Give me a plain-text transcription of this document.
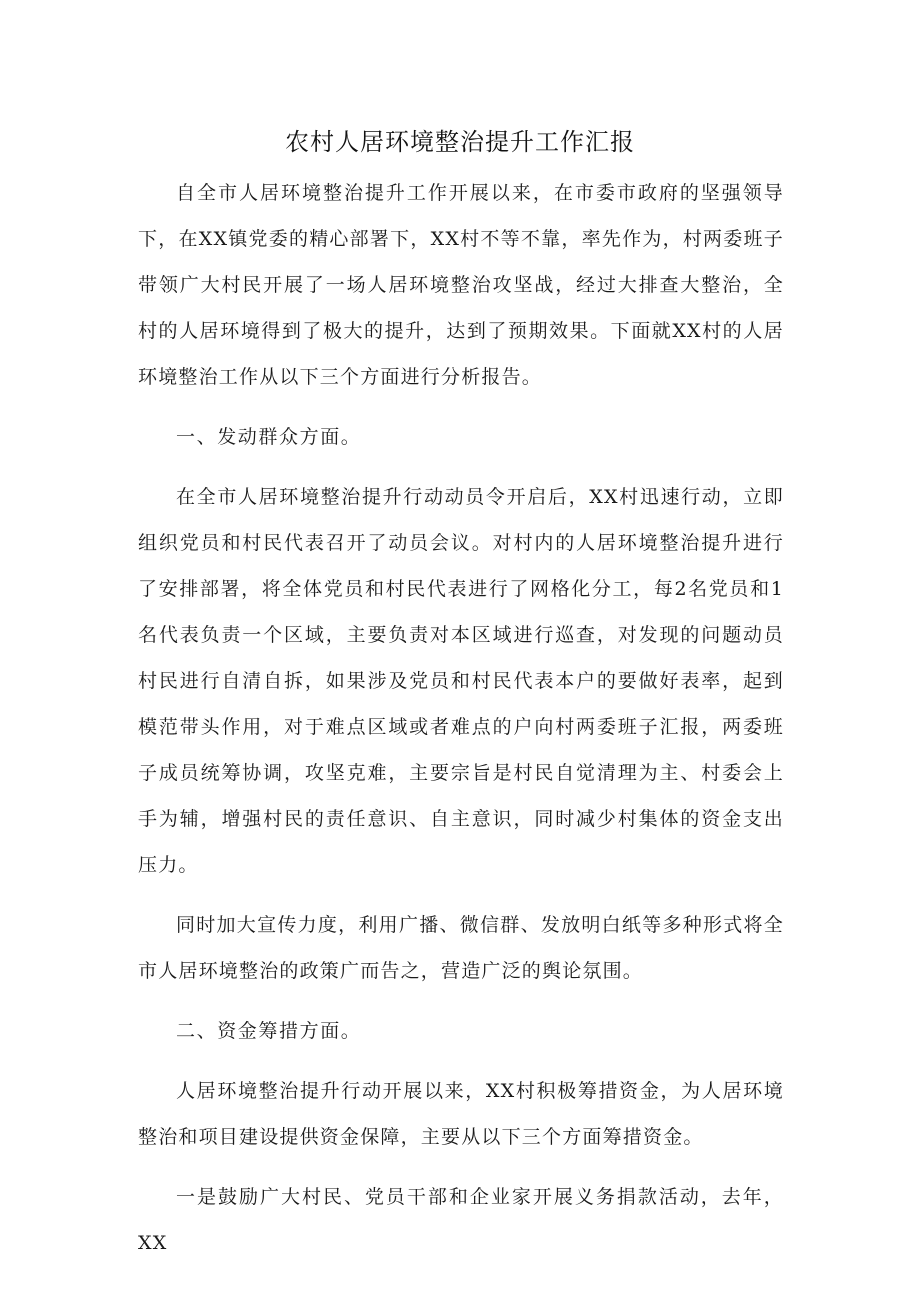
农村人居环境整治提升工作汇报

自全市人居环境整治提升工作开展以来，在市委市政府的坚强领导下，在XX镇党委的精心部署下，XX村不等不靠，率先作为，村两委班子带领广大村民开展了一场人居环境整治攻坚战，经过大排查大整治，全村的人居环境得到了极大的提升，达到了预期效果。下面就XX村的人居环境整治工作从以下三个方面进行分析报告。

一、发动群众方面。

在全市人居环境整治提升行动动员令开启后，XX村迅速行动，立即组织党员和村民代表召开了动员会议。对村内的人居环境整治提升进行了安排部署，将全体党员和村民代表进行了网格化分工，每2名党员和1名代表负责一个区域，主要负责对本区域进行巡查，对发现的问题动员村民进行自清自拆，如果涉及党员和村民代表本户的要做好表率，起到模范带头作用，对于难点区域或者难点的户向村两委班子汇报，两委班子成员统筹协调，攻坚克难，主要宗旨是村民自觉清理为主、村委会上手为辅，增强村民的责任意识、自主意识，同时减少村集体的资金支出压力。

同时加大宣传力度，利用广播、微信群、发放明白纸等多种形式将全市人居环境整治的政策广而告之，营造广泛的舆论氛围。

二、资金筹措方面。

人居环境整治提升行动开展以来，XX村积极筹措资金，为人居环境整治和项目建设提供资金保障，主要从以下三个方面筹措资金。

一是鼓励广大村民、党员干部和企业家开展义务捐款活动，去年，XX
